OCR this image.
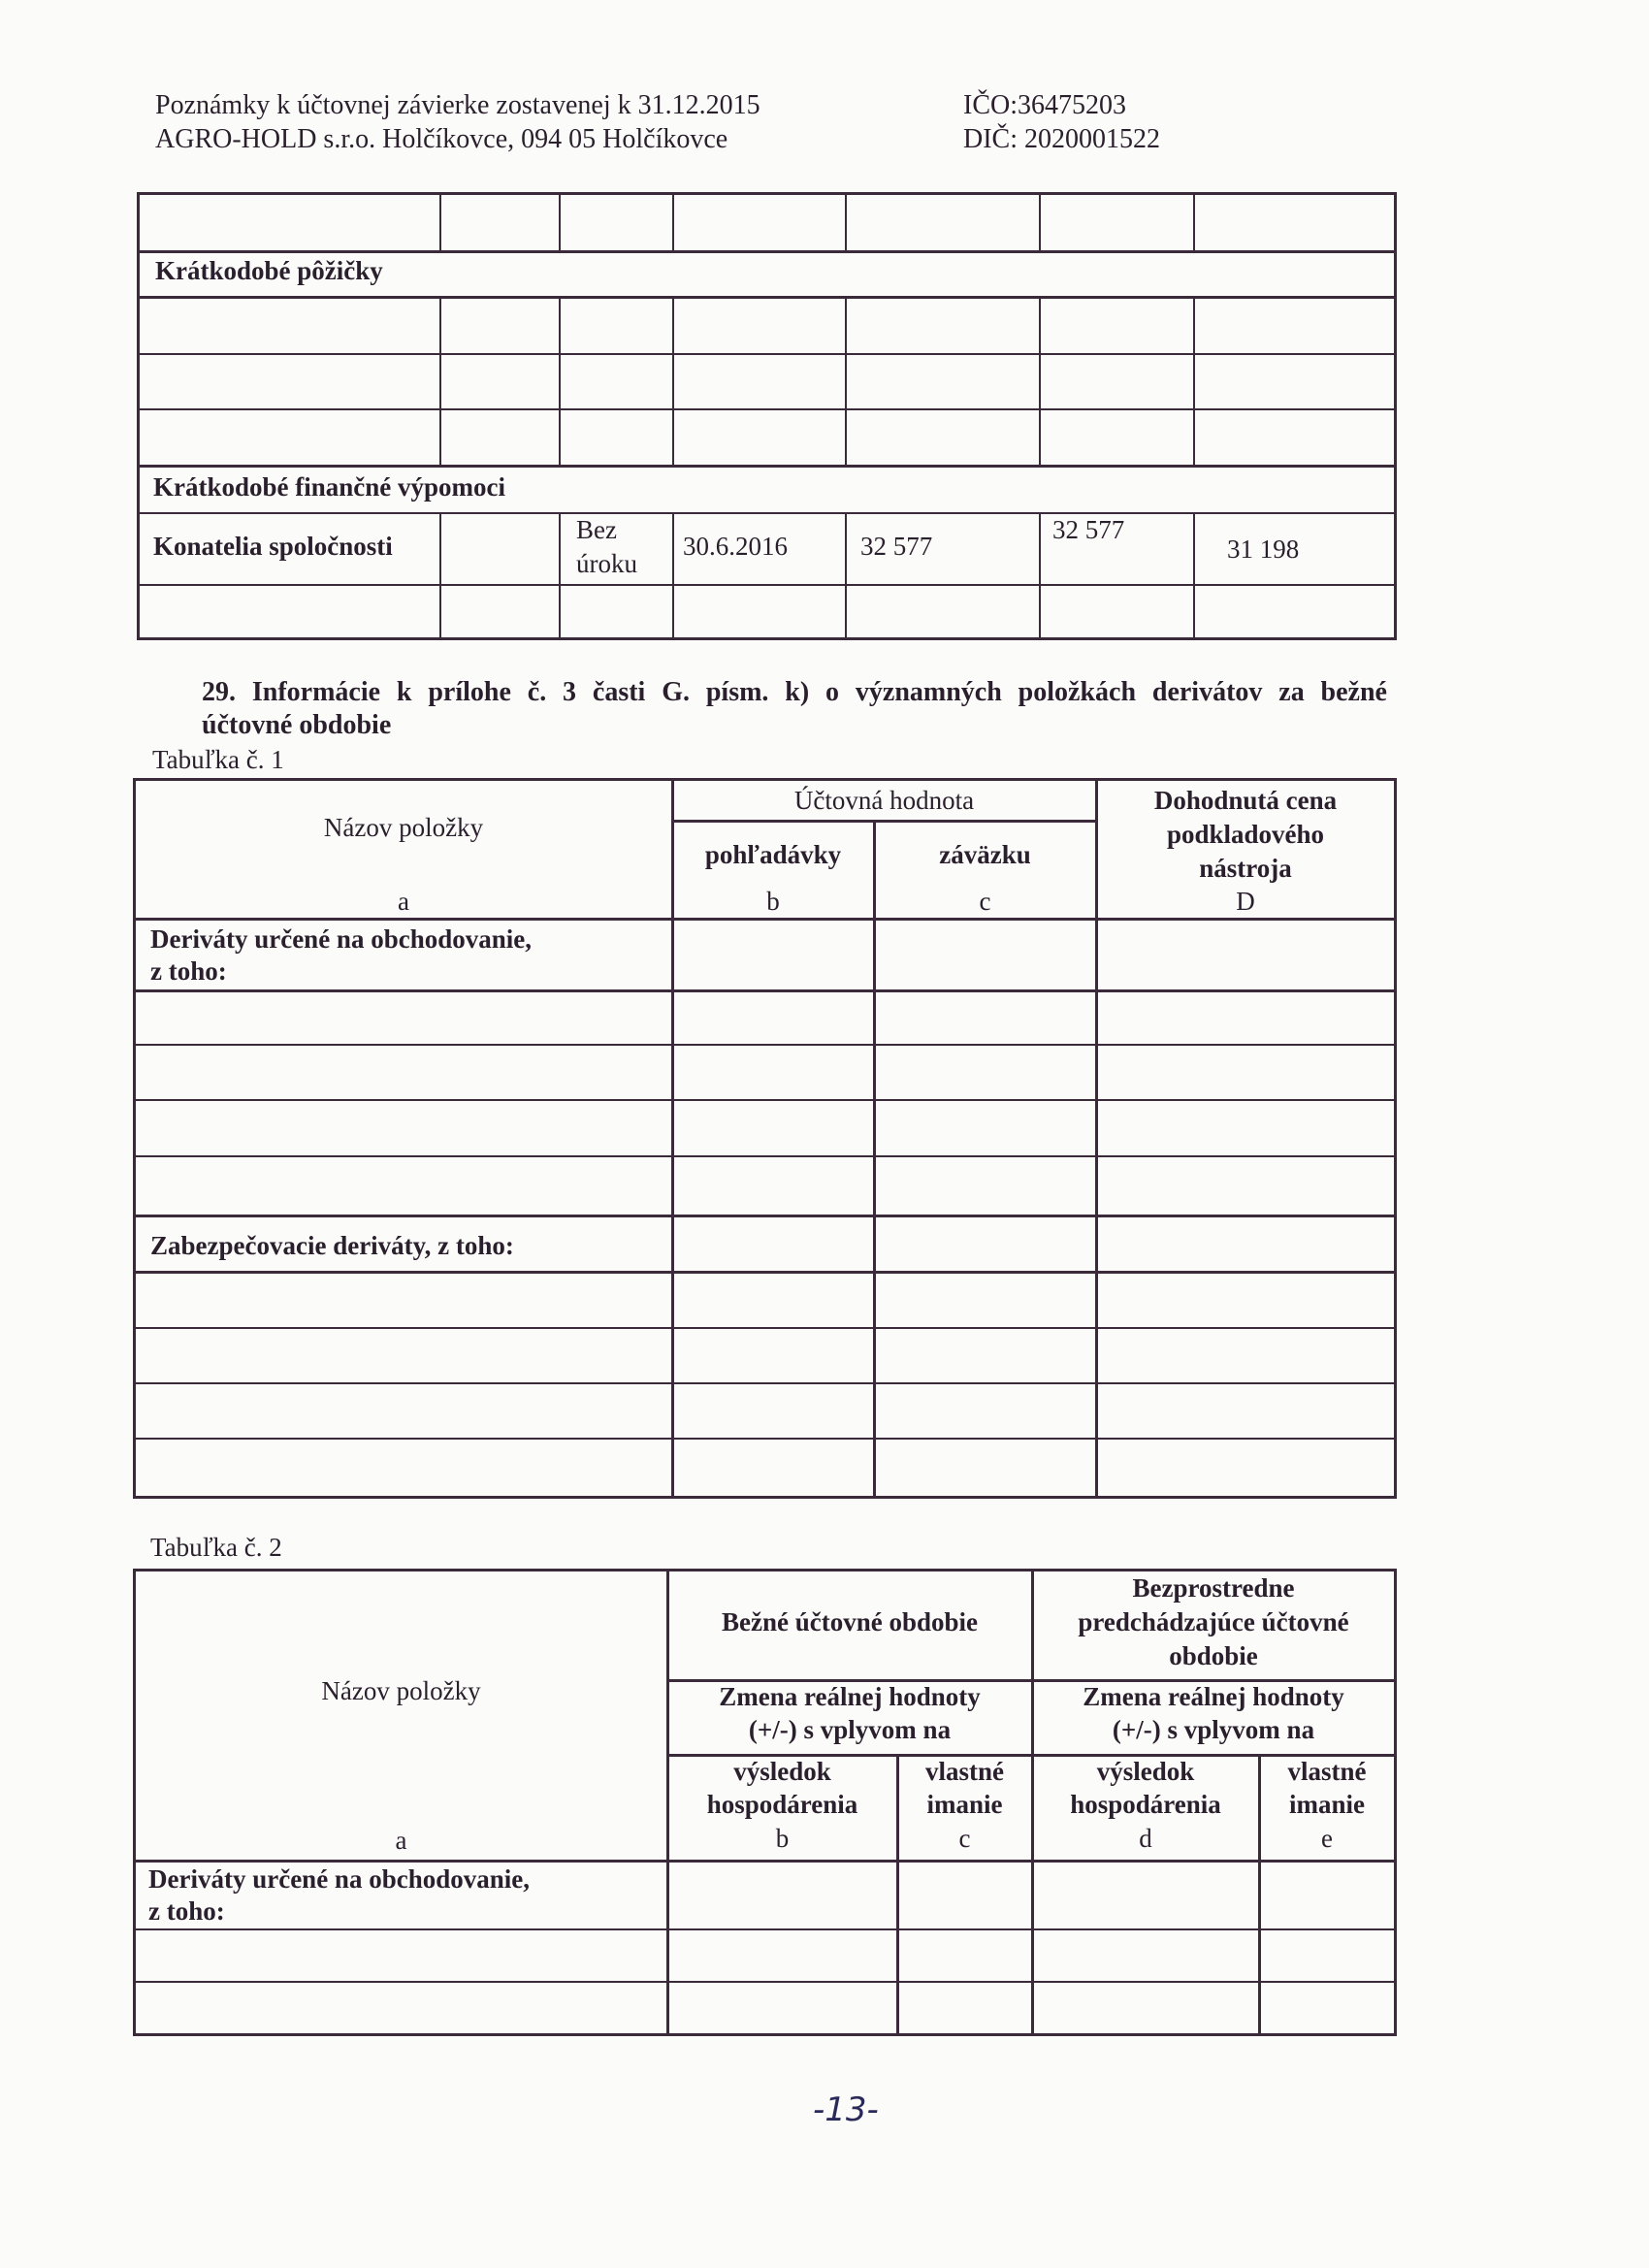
Poznámky k účtovnej závierke zostavenej k 31.12.2015
AGRO-HOLD s.r.o. Holčíkovce, 094 05 Holčíkovce
IČO:36475203
DIČ: 2020001522
Krátkodobé pôžičky
Krátkodobé finančné výpomoci
Konatelia spoločnosti
Bez
úroku
30.6.2016	32 577
32 577
31 198
29. Informácie k prílohe č. 3 časti G. písm. k) o významných položkách derivátov za bežné
účtovné obdobie
Tabuľka č. 1
Názov položky
a
Účtovná hodnota
pohľadávky
b
záväzku
c
Dohodnutá cena
podkladového
nástroja
D
Deriváty určené na obchodovanie,
z toho:
Zabezpečovacie deriváty, z toho:
Tabuľka č. 2
Názov položky
a
Bežné účtovné obdobie
Bezprostredne
predchádzajúce účtovné
obdobie
Zmena reálnej hodnoty
(+/-) s vplyvom na
Zmena reálnej hodnoty
(+/-) s vplyvom na
výsledok
hospodárenia
b
vlastné
imanie
c
výsledok
hospodárenia
d
vlastné
imanie
e
Deriváty určené na obchodovanie,
z toho:
-13-
